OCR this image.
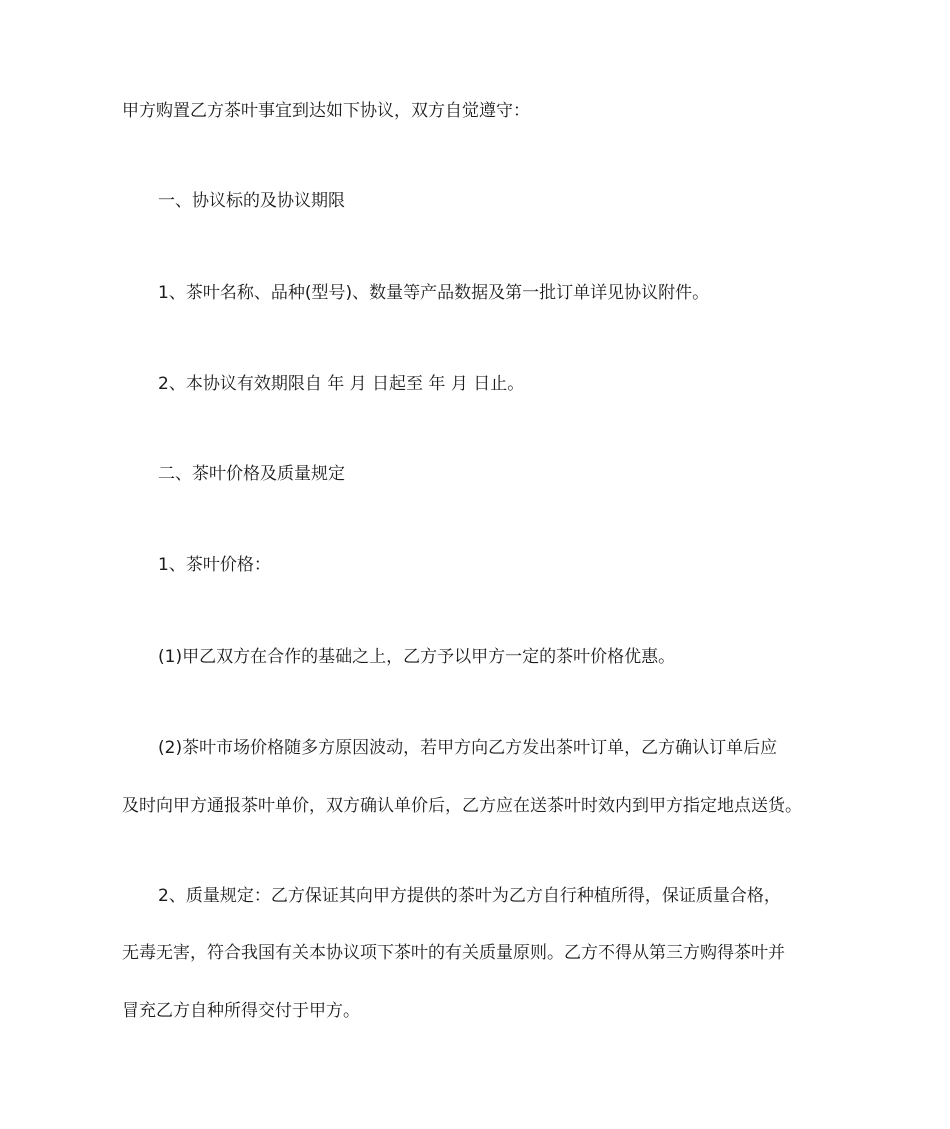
甲方购置乙方茶叶事宜到达如下协议，双方自觉遵守：

一、协议标的及协议期限

1、茶叶名称、品种(型号)、数量等产品数据及第一批订单详见协议附件。

2、本协议有效期限自 年 月 日起至 年 月 日止。

二、茶叶价格及质量规定

1、茶叶价格：

(1)甲乙双方在合作的基础之上，乙方予以甲方一定的茶叶价格优惠。

(2)茶叶市场价格随多方原因波动，若甲方向乙方发出茶叶订单，乙方确认订单后应

及时向甲方通报茶叶单价，双方确认单价后，乙方应在送茶叶时效内到甲方指定地点送货。

2、质量规定：乙方保证其向甲方提供的茶叶为乙方自行种植所得，保证质量合格，

无毒无害，符合我国有关本协议项下茶叶的有关质量原则。乙方不得从第三方购得茶叶并

冒充乙方自种所得交付于甲方。
